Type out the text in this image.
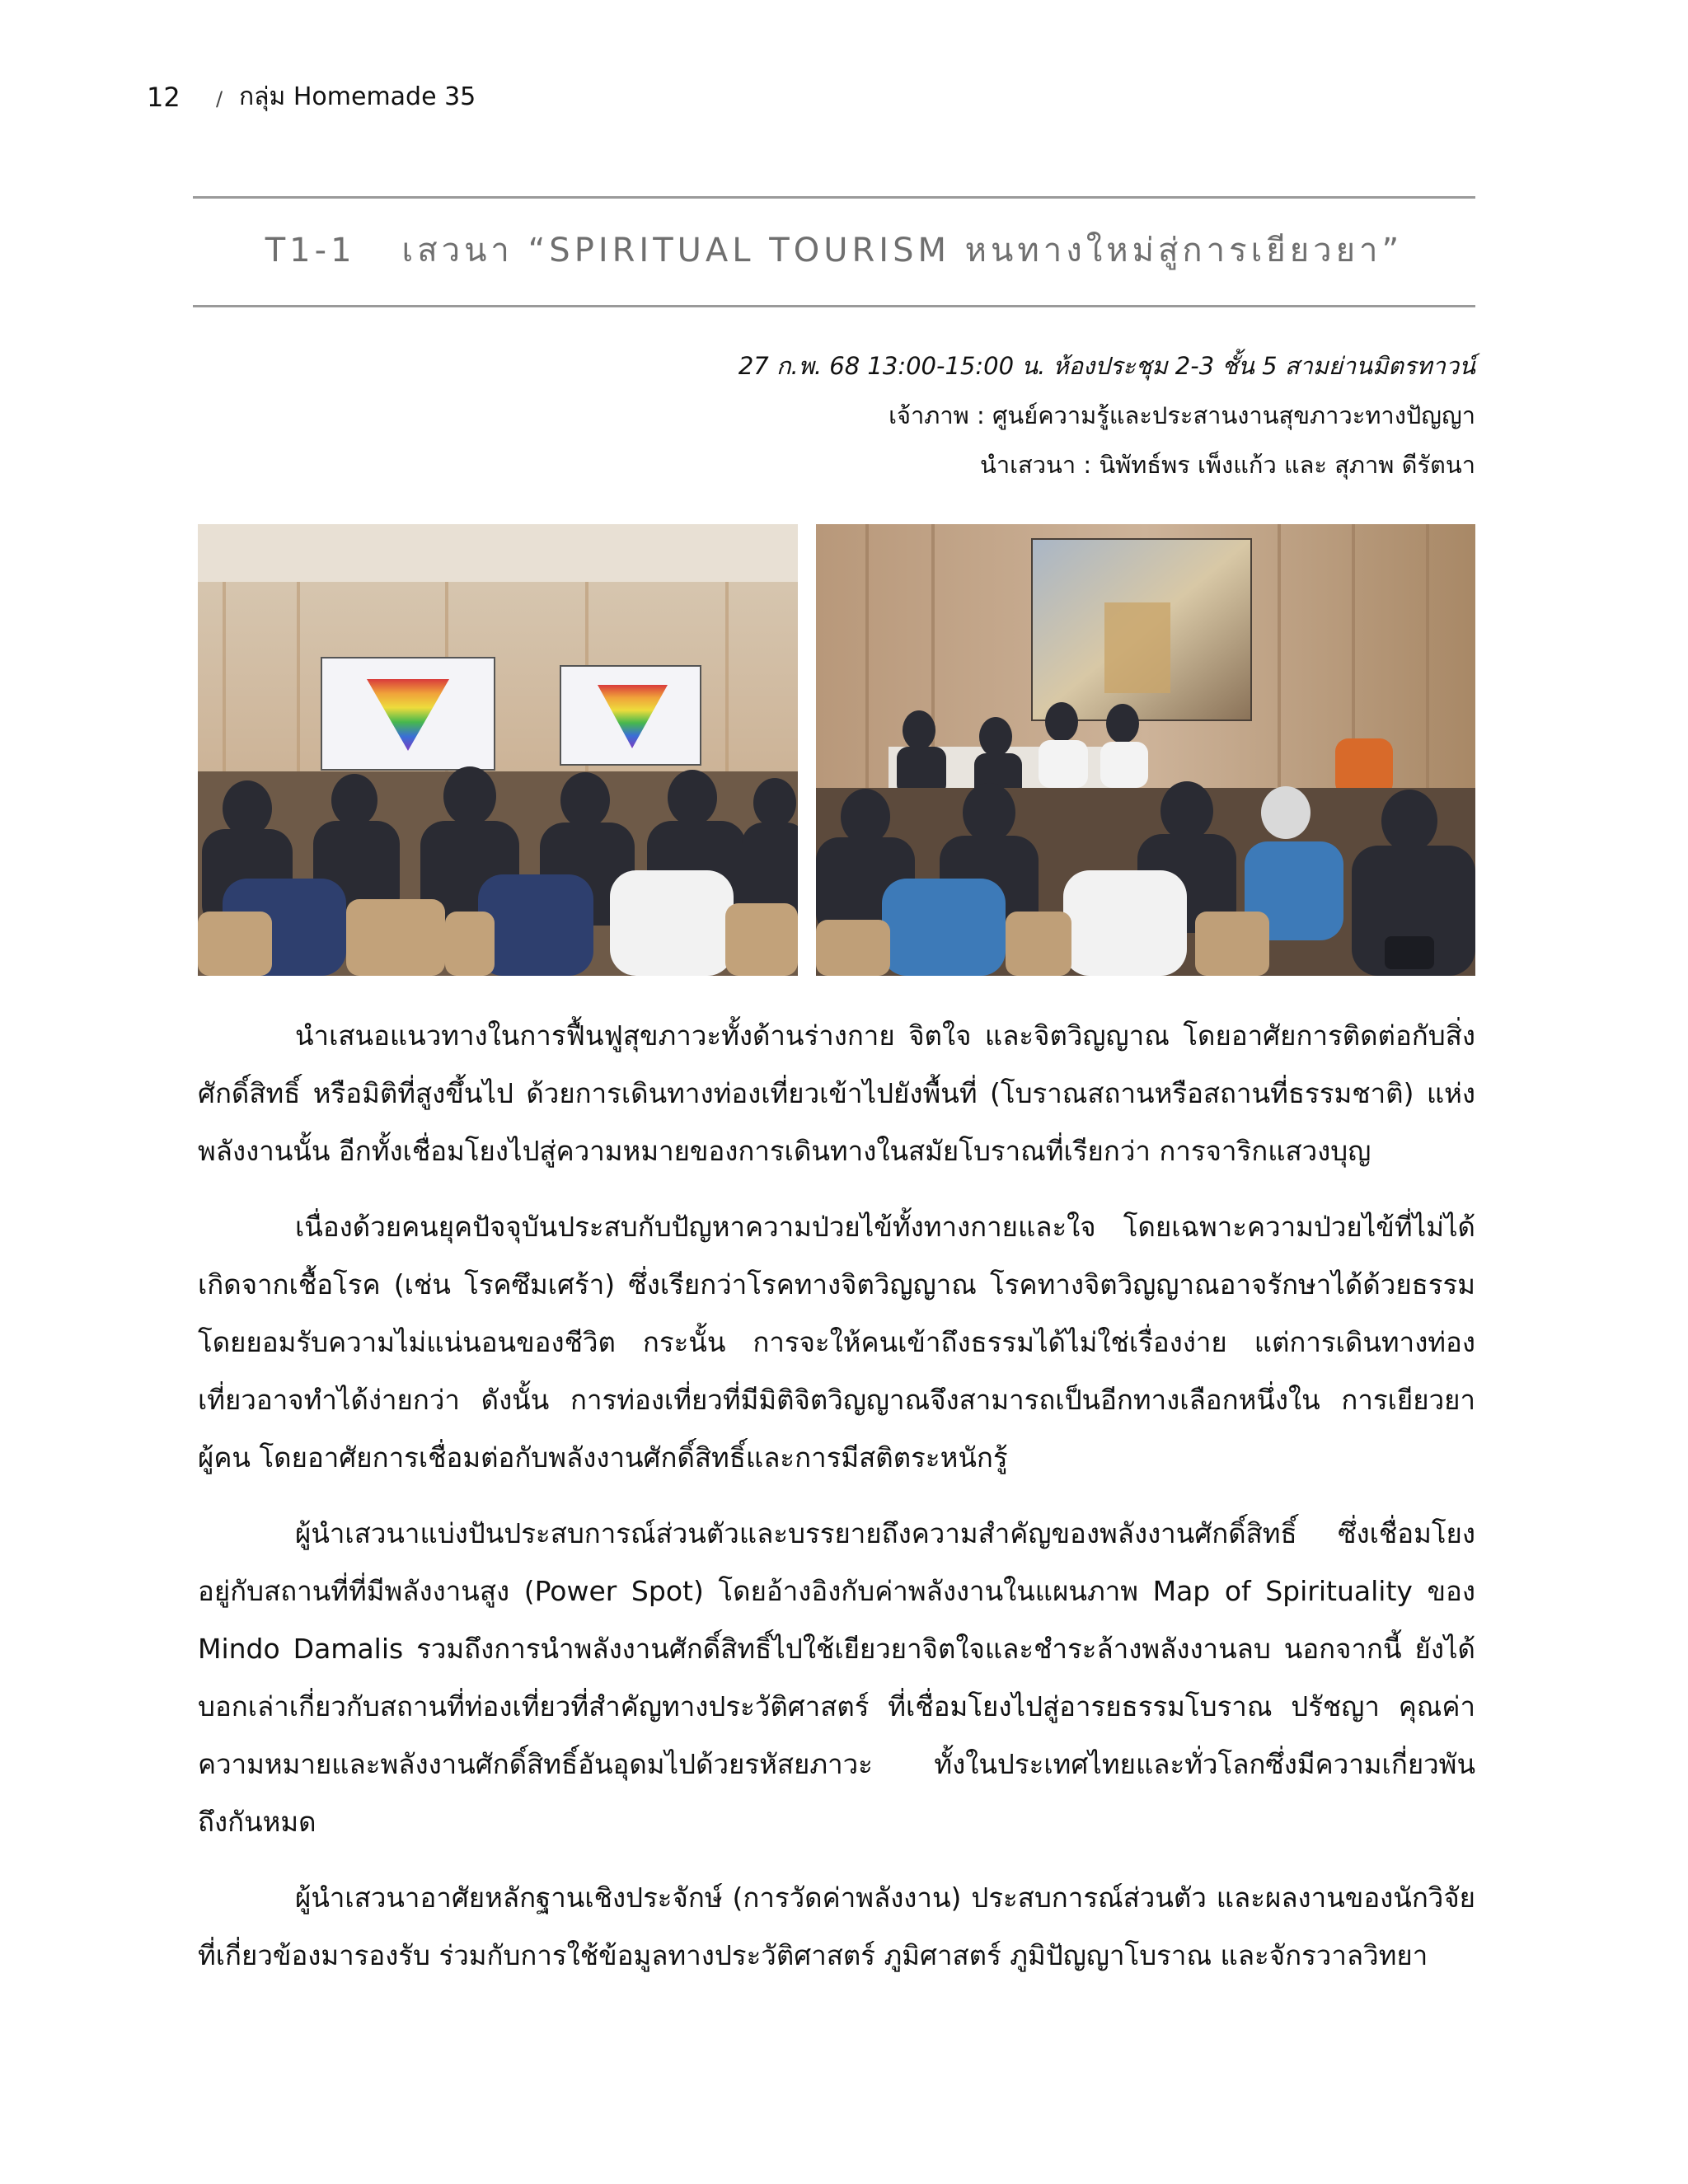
12 / กลุ่ม Homemade 35
T1-1 เสวนา “SPIRITUAL TOURISM หนทางใหม่สู่การเยียวยา”
27 ก.พ. 68 13:00-15:00 น. ห้องประชุม 2-3 ชั้น 5 สามย่านมิตรทาวน์
เจ้าภาพ : ศูนย์ความรู้และประสานงานสุขภาวะทางปัญญา
นำเสวนา : นิพัทธ์พร เพ็งแก้ว และ สุภาพ ดีรัตนา

นำเสนอแนวทางในการฟื้นฟูสุขภาวะทั้งด้านร่างกาย จิตใจ และจิตวิญญาณ โดยอาศัยการติดต่อกับสิ่งศักดิ์สิทธิ์ หรือมิติที่สูงขึ้นไป ด้วยการเดินทางท่องเที่ยวเข้าไปยังพื้นที่ (โบราณสถานหรือสถานที่ธรรมชาติ) แห่งพลังงานนั้น อีกทั้งเชื่อมโยงไปสู่ความหมายของการเดินทางในสมัยโบราณที่เรียกว่า การจาริกแสวงบุญ

เนื่องด้วยคนยุคปัจจุบันประสบกับปัญหาความป่วยไข้ทั้งทางกายและใจ โดยเฉพาะความป่วยไข้ที่ไม่ได้เกิดจากเชื้อโรค (เช่น โรคซึมเศร้า) ซึ่งเรียกว่าโรคทางจิตวิญญาณ โรคทางจิตวิญญาณอาจรักษาได้ด้วยธรรมโดยยอมรับความไม่แน่นอนของชีวิต กระนั้น การจะให้คนเข้าถึงธรรมได้ไม่ใช่เรื่องง่าย แต่การเดินทางท่องเที่ยวอาจทำได้ง่ายกว่า ดังนั้น การท่องเที่ยวที่มีมิติจิตวิญญาณจึงสามารถเป็นอีกทางเลือกหนึ่งใน การเยียวยาผู้คน โดยอาศัยการเชื่อมต่อกับพลังงานศักดิ์สิทธิ์และการมีสติตระหนักรู้

ผู้นำเสวนาแบ่งปันประสบการณ์ส่วนตัวและบรรยายถึงความสำคัญของพลังงานศักดิ์สิทธิ์ ซึ่งเชื่อมโยงอยู่กับสถานที่ที่มีพลังงานสูง (Power Spot) โดยอ้างอิงกับค่าพลังงานในแผนภาพ Map of Spirituality ของ Mindo Damalis รวมถึงการนำพลังงานศักดิ์สิทธิ์ไปใช้เยียวยาจิตใจและชำระล้างพลังงานลบ นอกจากนี้ ยังได้บอกเล่าเกี่ยวกับสถานที่ท่องเที่ยวที่สำคัญทางประวัติศาสตร์ ที่เชื่อมโยงไปสู่อารยธรรมโบราณ ปรัชญา คุณค่า ความหมายและพลังงานศักดิ์สิทธิ์อันอุดมไปด้วยรหัสยภาวะ ทั้งในประเทศไทยและทั่วโลกซึ่งมีความเกี่ยวพันถึงกันหมด

ผู้นำเสวนาอาศัยหลักฐานเชิงประจักษ์ (การวัดค่าพลังงาน) ประสบการณ์ส่วนตัว และผลงานของนักวิจัยที่เกี่ยวข้องมารองรับ ร่วมกับการใช้ข้อมูลทางประวัติศาสตร์ ภูมิศาสตร์ ภูมิปัญญาโบราณ และจักรวาลวิทยา
